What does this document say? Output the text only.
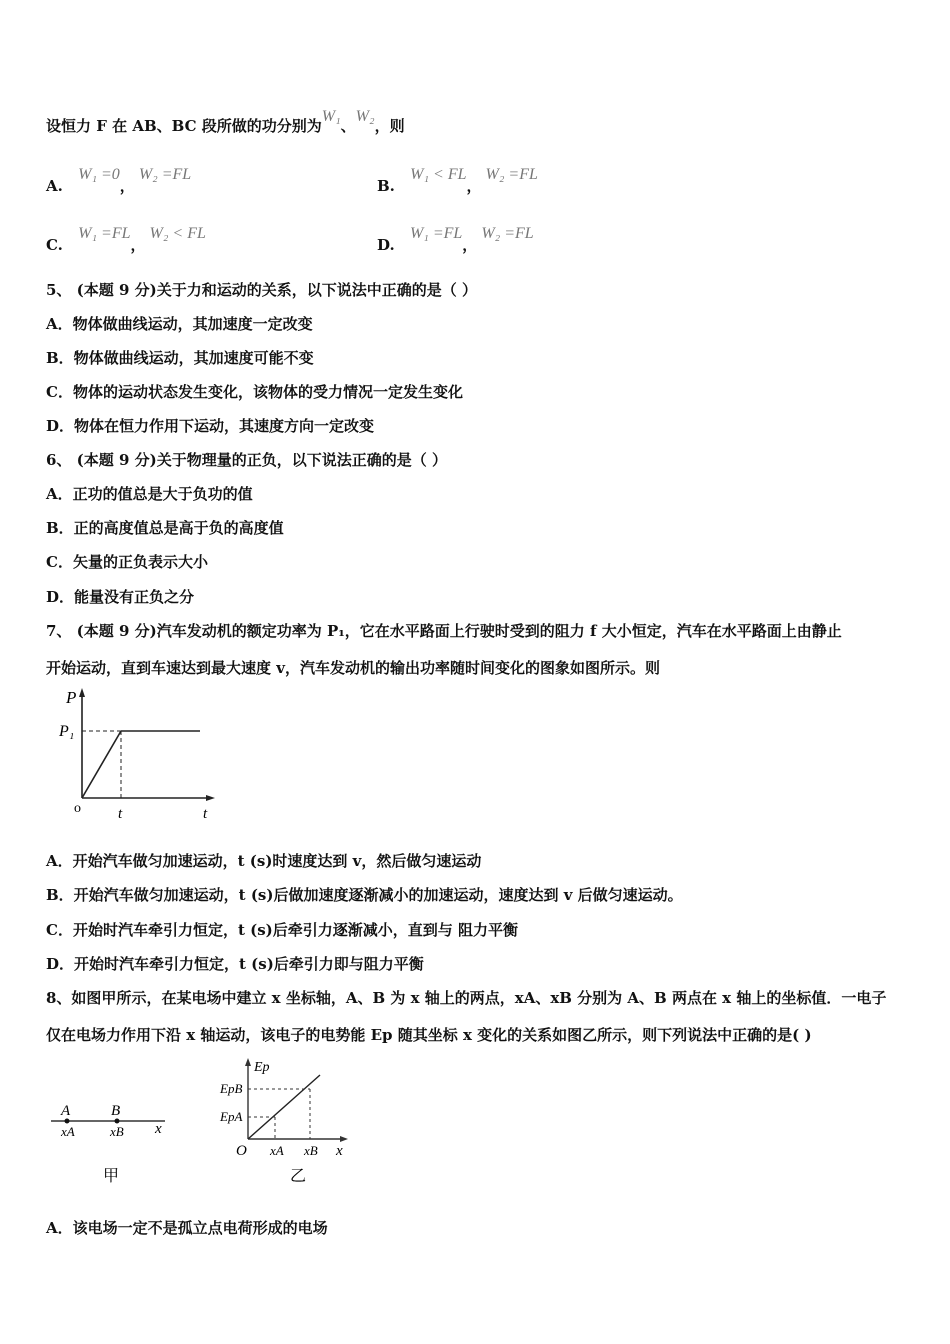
设恒力 F 在 AB、BC 段所做的功分别为W₁、W₂，则
A. W₁ =0，W₂ =FL
B. W₁ < FL，W₂ =FL
C. W₁ =FL，W₂ < FL
D. W₁ =FL，W₂ =FL
5、 (本题 9 分)关于力和运动的关系，以下说法中正确的是（ ）
A．物体做曲线运动，其加速度一定改变
B．物体做曲线运动，其加速度可能不变
C．物体的运动状态发生变化，该物体的受力情况一定发生变化
D．物体在恒力作用下运动，其速度方向一定改变
6、 (本题 9 分)关于物理量的正负，以下说法正确的是（ ）
A．正功的值总是大于负功的值
B．正的高度值总是高于负的高度值
C．矢量的正负表示大小
D．能量没有正负之分
7、 (本题 9 分)汽车发动机的额定功率为 P₁，它在水平路面上行驶时受到的阻力 f 大小恒定，汽车在水平路面上由静止
开始运动，直到车速达到最大速度 v，汽车发动机的输出功率随时间变化的图象如图所示。则
P
P₁
o t	t
A．开始汽车做匀加速运动，t (s)时速度达到 v，然后做匀速运动
B．开始汽车做匀加速运动，t (s)后做加速度逐渐减小的加速运动，速度达到 v 后做匀速运动。
C．开始时汽车牵引力恒定，t (s)后牵引力逐渐减小，直到与 阻力平衡
D．开始时汽车牵引力恒定，t (s)后牵引力即与阻力平衡
8、如图甲所示，在某电场中建立 x 坐标轴，A、B 为 x 轴上的两点，xA、xB 分别为 A、B 两点在 x 轴上的坐标值．一电子
仅在电场力作用下沿 x 轴运动，该电子的电势能 Ep 随其坐标 x 变化的关系如图乙所示，则下列说法中正确的是( )
A	B
xA	xB x
甲
Ep
EpB
EpA
O xA xB x
乙
A．该电场一定不是孤立点电荷形成的电场
